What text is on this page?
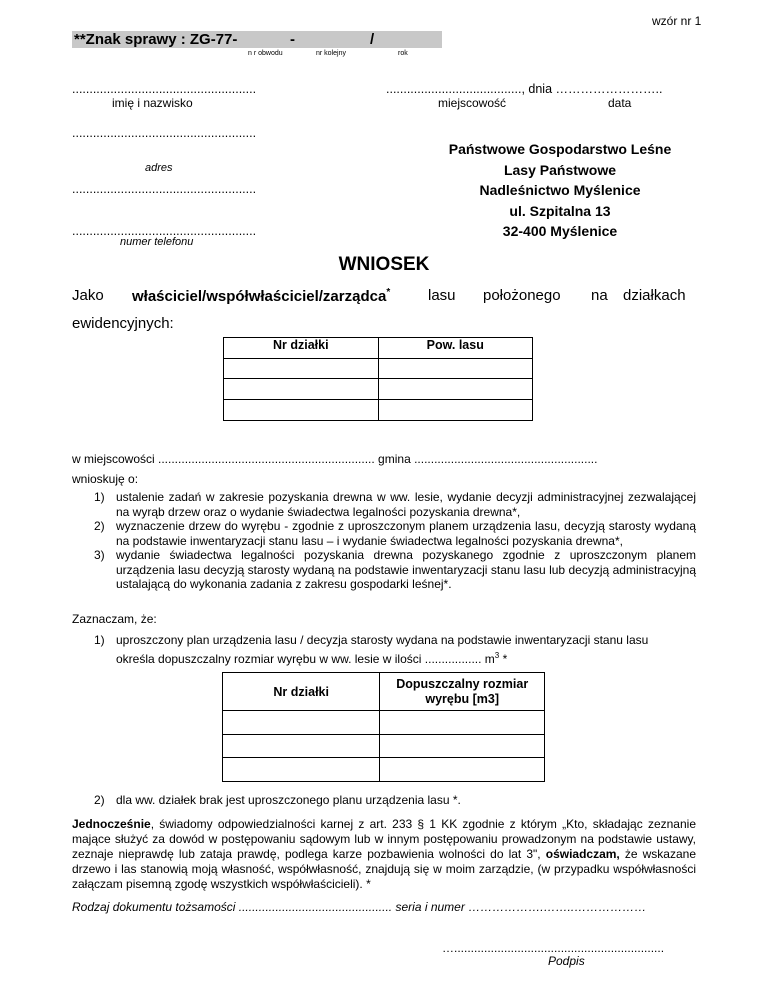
wzór nr 1
**Znak sprawy : ZG-77-	-	/
n r obwodu	nr kolejny	rok
.....................................................
imię i nazwisko
.....................................................
adres
.....................................................
.....................................................
numer telefonu
......................................., dnia ……………………..
miejscowość	data
Państwowe Gospodarstwo Leśne
Lasy Państwowe
Nadleśnictwo Myślenice
ul. Szpitalna 13
32-400 Myślenice
WNIOSEK
Jako właściciel/współwłaściciel/zarządca*	lasu położonego na działkach
ewidencyjnych:
Nr działki	Pow. lasu

w miejscowości ................................................................. gmina .......................................................
wnioskuję o:
1) ustalenie zadań w zakresie pozyskania drewna w ww. lesie, wydanie decyzji administracyjnej zezwalającej na wyrąb drzew oraz o wydanie świadectwa legalności pozyskania drewna*,
2) wyznaczenie drzew do wyrębu - zgodnie z uproszczonym planem urządzenia lasu, decyzją starosty wydaną na podstawie inwentaryzacji stanu lasu – i wydanie świadectwa legalności pozyskania drewna*,
3) wydanie świadectwa legalności pozyskania drewna pozyskanego zgodnie z uproszczonym planem urządzenia lasu decyzją starosty wydaną na podstawie inwentaryzacji stanu lasu lub decyzją administracyjną ustalającą do wykonania zadania z zakresu gospodarki leśnej*.
Zaznaczam, że:
1) uproszczony plan urządzenia lasu / decyzja starosty wydana na podstawie inwentaryzacji stanu lasu
określa dopuszczalny rozmiar wyrębu w ww. lesie w ilości ................. $m^3$ *
Nr działki	Dopuszczalny rozmiar wyrębu [m3]

2) dla ww. działek brak jest uproszczonego planu urządzenia lasu *.
Jednocześnie, świadomy odpowiedzialności karnej z art. 233 § 1 KK zgodnie z którym „Kto, składając zeznanie mające służyć za dowód w postępowaniu sądowym lub w innym postępowaniu prowadzonym na podstawie ustawy, zeznaje nieprawdę lub zataja prawdę, podlega karze pozbawienia wolności do lat 3", oświadczam, że wskazane drzewo i las stanowią moją własność, współwłasność, znajdują się w moim zarządzie, (w przypadku współwłasności załączam pisemną zgodę wszystkich współwłaścicieli). *
Rodzaj dokumentu tożsamości .............................................. seria i numer ……………….……..………………
…...............................................................
Podpis
